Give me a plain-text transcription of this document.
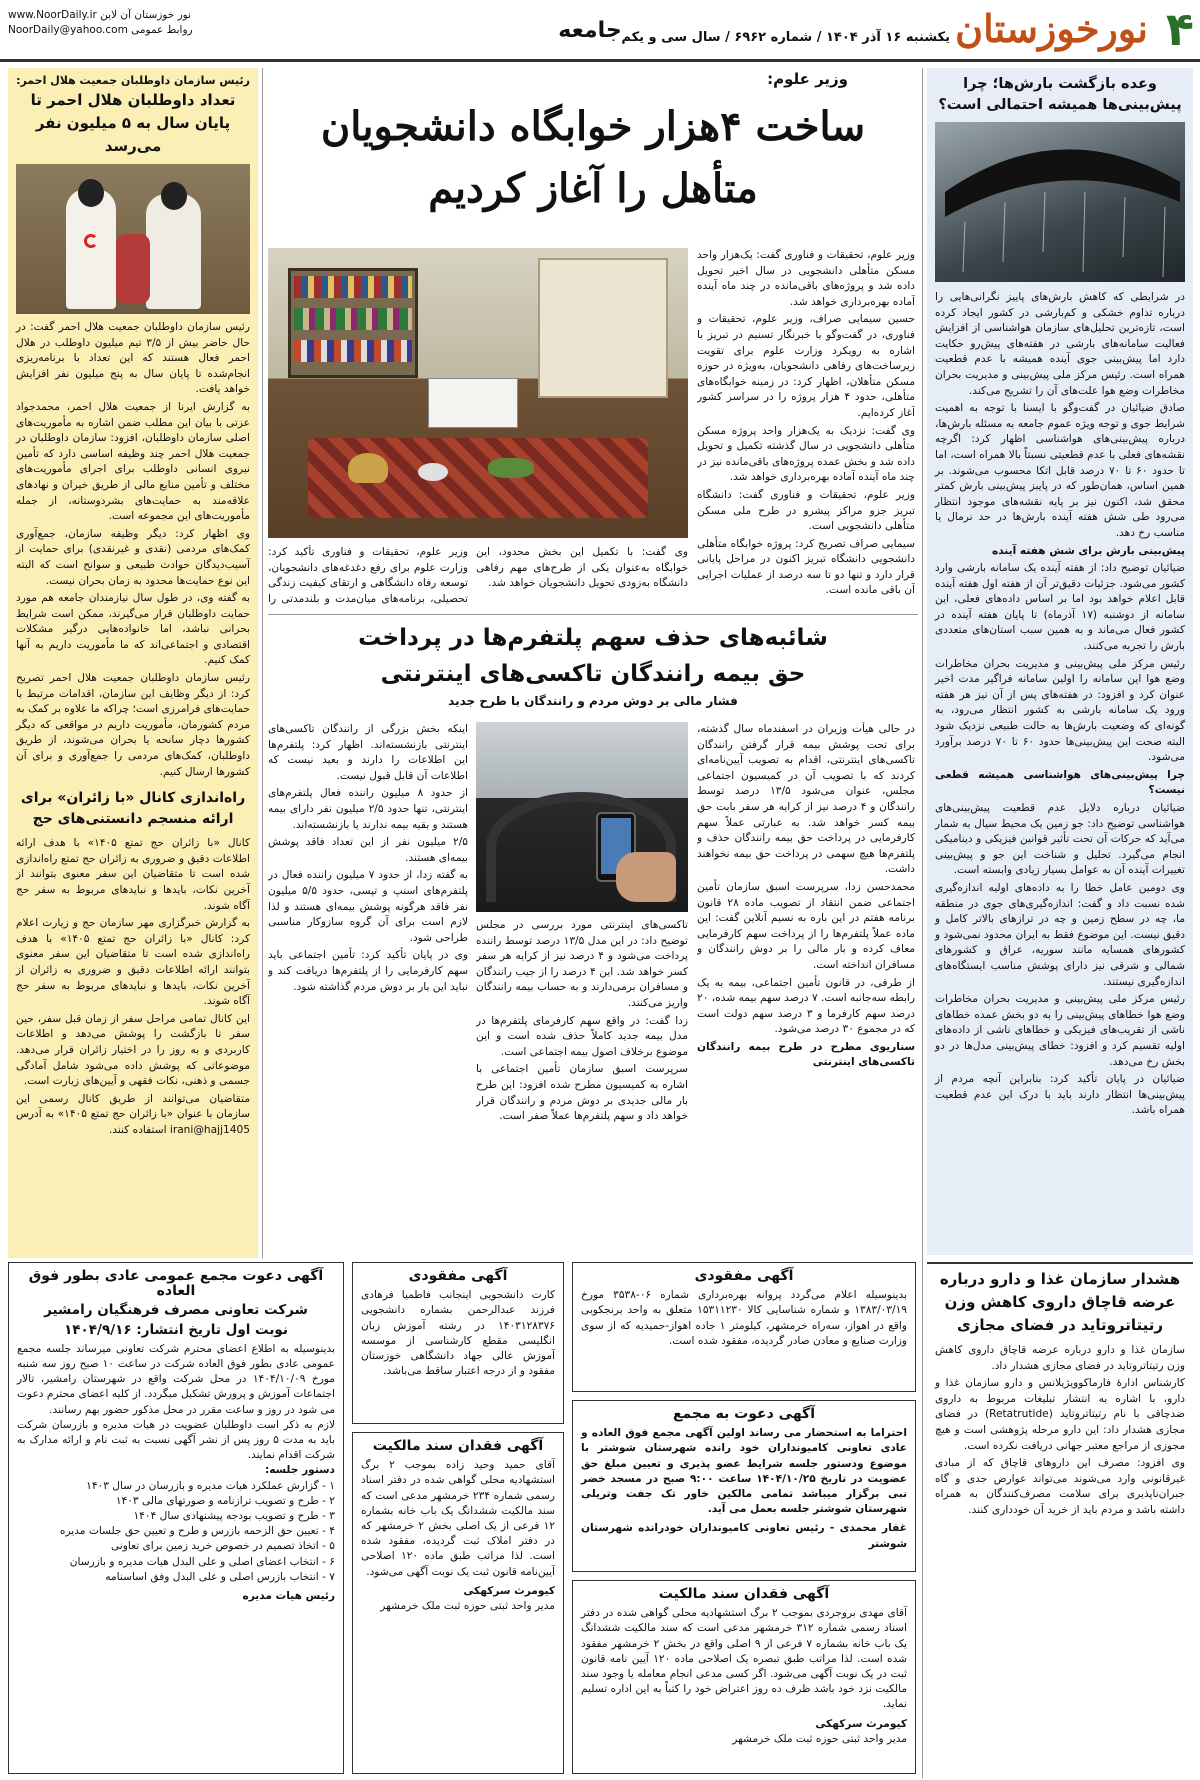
۴
نورخوزستان
یکشنبه ۱۶ آذر ۱۴۰۴ / شماره ۶۹۶۲ / سال سی و یکم
جامعه
www.NoorDaily.ir نور خوزستان آن لاین
NoorDaily@yahoo.com روابط عمومی
وعده بازگشت بارش‌ها؛ چرا پیش‌بینی‌ها همیشه احتمالی است؟

در شرایطی که کاهش بارش‌های پاییز نگرانی‌هایی را درباره تداوم خشکی و کم‌بارشی در کشور ایجاد کرده است، تازه‌ترین تحلیل‌های سازمان هواشناسی از افزایش فعالیت سامانه‌های بارشی در هفته‌های پیش‌رو حکایت دارد اما پیش‌بینی جوی آینده همیشه با عدم قطعیت همراه است. رئیس مرکز ملی پیش‌بینی و مدیریت بحران مخاطرات وضع هوا علت‌های آن را تشریح می‌کند.

صادق ضیائیان در گفت‌وگو با ایسنا با توجه به اهمیت شرایط جوی و توجه ویژه عموم جامعه به مسئله بارش‌ها، درباره پیش‌بینی‌های هواشناسی اظهار کرد: اگرچه نقشه‌های فعلی با عدم قطعیتی نسبتاً بالا همراه است، اما تا حدود ۶۰ تا ۷۰ درصد قابل اتکا محسوب می‌شوند. بر همین اساس، همان‌طور که در پایبز پیش‌بینی بارش کمتر محقق شد، اکنون نیز بر پایه نقشه‌های موجود انتظار می‌رود طی شش هفته آینده بارش‌ها در حد نرمال یا مناسب رخ دهد.

پیش‌بینی بارش برای شش هفته آینده

ضیائیان توضیح داد: از هفته آینده یک سامانه بارشی وارد کشور می‌شود. جزئیات دقیق‌تر آن از هفته اول هفته آینده قابل اعلام خواهد بود اما بر اساس داده‌های فعلی، این سامانه از دوشنبه (۱۷ آذرماه) تا پایان هفته آینده در کشور فعال می‌ماند و به همین سبب استان‌های متعددی بارش را تجربه می‌کنند.

رئیس مرکز ملی پیش‌بینی و مدیریت بحران مخاطرات وضع هوا این سامانه را اولین سامانه فراگیر مدت اخیر عنوان کرد و افزود: در هفته‌های پس از آن نیز هر هفته ورود یک سامانه بارشی به کشور انتظار می‌رود، به گونه‌ای که وضعیت بارش‌ها به حالت طبیعی نزدیک شود البته صحت این پیش‌بینی‌ها حدود ۶۰ تا ۷۰ درصد برآورد می‌شود.

چرا پیش‌بینی‌های هواشناسی همیشه قطعی نیست؟

ضیائیان درباره دلایل عدم قطعیت پیش‌بینی‌های هواشناسی توضیح داد: جو زمین یک محیط سیال به شمار می‌آید که حرکات آن تحت تأثیر قوانین فیزیکی و دینامیکی انجام می‌گیرد. تحلیل و شناخت این جو و پیش‌بینی تغییرات آینده آن به عوامل بسیار زیادی وابسته است.

وی دومین عامل خطا را به داده‌های اولیه اندازه‌گیری شده نسبت داد و گفت: اندازه‌گیری‌های جوی در منطقه ما، چه در سطح زمین و چه در ترازهای بالاتر کامل و دقیق نیست. این موضوع فقط به ایران محدود نمی‌شود و کشورهای همسایه مانند سوریه، عراق و کشورهای شمالی و شرقی نیز دارای پوشش مناسب ایستگاه‌های اندازه‌گیری نیستند.

رئیس مرکز ملی پیش‌بینی و مدیریت بحران مخاطرات وضع هوا خطاهای پیش‌بینی را به دو بخش عمده خطاهای ناشی از تقریب‌های فیزیکی و خطاهای ناشی از داده‌های اولیه تقسیم کرد و افزود: خطای پیش‌بینی مدل‌ها در دو بخش رخ می‌دهد.

ضیائیان در پایان تأکید کرد: بنابراین آنچه مردم از پیش‌بینی‌ها انتظار دارند باید با درک این عدم قطعیت همراه باشد.

هشدار سازمان غذا و دارو درباره عرضه قاچاق داروی کاهش وزن رتیتاتروتاید در فضای مجازی

سازمان غذا و دارو درباره عرضه قاچاق داروی کاهش وزن رتیتاتروتاید در فضای مجازی هشدار داد.

کارشناس ادارهٔ فارماکوویژیلانس و دارو سازمان غذا و دارو، با اشاره به انتشار تبلیغات مربوط به داروی ضدچاقی با نام رتیتاتروتاید (Retatrutide) در فضای مجازی هشدار داد: این دارو مرحله پژوهشی است و هیچ مجوزی از مراجع معتبر جهانی دریافت نکرده است.

وی افزود: مصرف این داروهای قاچاق که از مبادی غیرقانونی وارد می‌شوند می‌تواند عوارض جدی و گاه جبران‌ناپذیری برای سلامت مصرف‌کنندگان به همراه داشته باشد و مردم باید از خرید آن خودداری کنند.

رئیس سازمان داوطلبان جمعیت هلال احمر:
تعداد داوطلبان هلال احمر تا پایان سال به ۵ میلیون نفر می‌رسد

رئیس سازمان داوطلبان جمعیت هلال احمر گفت: در حال حاضر بیش از ۳/۵ تیم میلیون داوطلب در هلال احمر فعال هستند که این تعداد با برنامه‌ریزی انجام‌شده تا پایان سال به پنج میلیون نفر افزایش خواهد یافت.

به گزارش ایرنا از جمعیت هلال احمر، محمدجواد عزتی با بیان این مطلب ضمن اشاره به مأموریت‌های اصلی سازمان داوطلبان، افزود: سازمان داوطلبان در جمعیت هلال احمر چند وظیفه اساسی دارد که تأمین نیروی انسانی داوطلب برای اجرای مأموریت‌های مختلف و تأمین منابع مالی از طریق خیران و نهادهای علاقه‌مند به حمایت‌های بشردوستانه، از جمله مأموریت‌های این مجموعه است.

وی اظهار کرد: دیگر وظیفه سازمان، جمع‌آوری کمک‌های مردمی (نقدی و غیرنقدی) برای حمایت از آسیب‌دیدگان حوادث طبیعی و سوانح است که البته این نوع حمایت‌ها محدود به زمان بحران نیست.

به گفته وی، در طول سال نیازمندان جامعه هم مورد حمایت داوطلبان قرار می‌گیرند، ممکن است شرایط بحرانی نباشد، اما خانواده‌هایی درگیر مشکلات اقتصادی و اجتماعی‌اند که ما مأموریت داریم به آنها کمک کنیم.

رئیس سازمان داوطلبان جمعیت هلال احمر تصریح کرد: از دیگر وظایف این سازمان، اقدامات مرتبط با حمایت‌های فرامرزی است؛ چراکه ما علاوه بر کمک به مردم کشورمان، مأموریت داریم در مواقعی که دیگر کشورها دچار سانحه یا بحران می‌شوند، از طریق داوطلبان، کمک‌های مردمی را جمع‌آوری و برای آن کشورها ارسال کنیم.

راه‌اندازی کانال «با زائران» برای ارائه منسجم دانستنی‌های حج

کانال «با زائران حج تمتع ۱۴۰۵» با هدف ارائه اطلاعات دقیق و ضروری به زائران حج تمتع راه‌اندازی شده است تا متقاضیان این سفر معنوی بتوانند از آخرین نکات، بایدها و نبایدهای مربوط به سفر حج آگاه شوند.

به گزارش خبرگزاری مهر سازمان حج و زیارت اعلام کرد: کانال «با زائران حج تمتع ۱۴۰۵» با هدف راه‌اندازی شده است تا متقاضیان این سفر معنوی بتوانند ارائه اطلاعات دقیق و ضروری به زائران از آخرین نکات، بایدها و نبایدهای مربوط به سفر حج آگاه شوند.

این کانال تمامی مراحل سفر از زمان قبل سفر، حین سفر تا بازگشت را پوشش می‌دهد و اطلاعات کاربردی و به روز را در اختیار زائران قرار می‌دهد. موضوعاتی که پوشش داده می‌شود شامل آمادگی جسمی و ذهنی، نکات فقهی و آیین‌های زیارت است.

متقاضیان می‌توانند از طریق کانال رسمی این سازمان با عنوان «با زائران حج تمتع ۱۴۰۵» به آدرس irani@hajj1405 استفاده کنند.

وزیر علوم:
ساخت ۴هزار خوابگاه دانشجویان متأهل را آغاز کردیم

وزیر علوم، تحقیقات و فناوری گفت: یک‌هزار واحد مسکن متأهلی دانشجویی در سال اخیر تحویل داده شد و پروژه‌های باقی‌مانده در چند ماه آینده آماده بهره‌برداری خواهد شد.

حسین سیمایی صراف، وزیر علوم، تحقیقات و فناوری، در گفت‌وگو با خبرنگار تسنیم در تبریز با اشاره به رویکرد وزارت علوم برای تقویت زیرساخت‌های رفاهی دانشجویان، به‌ویژه در حوزه مسکن متأهلان، اظهار کرد: در زمینه خوابگاه‌های متأهلی، حدود ۴ هزار پروژه را در سراسر کشور آغاز کرده‌ایم.

وی گفت: نزدیک به یک‌هزار واحد پروژه مسکن متأهلی دانشجویی در سال گذشته تکمیل و تحویل داده شد و بخش عمده پروژه‌های باقی‌مانده نیز در چند ماه آینده آماده بهره‌برداری خواهد شد.

وزیر علوم، تحقیقات و فناوری گفت: دانشگاه تبریز جزو مراکز پیشرو در طرح ملی مسکن متأهلی دانشجویی است.

سیمایی صراف تصریح کرد: پروژه خوابگاه متأهلی دانشجویی دانشگاه تبریز اکنون در مراحل پایانی قرار دارد و تنها دو تا سه درصد از عملیات اجرایی آن باقی مانده است.

وی گفت: با تکمیل این بخش محدود، این خوابگاه به‌عنوان یکی از طرح‌های مهم رفاهی دانشگاه به‌زودی تحویل دانشجویان خواهد شد.

وزیر علوم، تحقیقات و فناوری تأکید کرد: وزارت علوم برای رفع دغدغه‌های دانشجویان، توسعه رفاه دانشگاهی و ارتقای کیفیت زندگی تحصیلی، برنامه‌های میان‌مدت و بلندمدتی را

شائبه‌های حذف سهم پلتفرم‌ها در پرداخت حق بیمه رانندگان تاکسی‌های اینترنتی
فشار مالی بر دوش مردم و رانندگان با طرح جدید

در حالی هیأت وزیران در اسفندماه سال گذشته، برای تحت پوشش بیمه قرار گرفتن رانندگان تاکسی‌های اینترنتی، اقدام به تصویب آیین‌نامه‌ای کردند که با تصویب آن در کمیسیون اجتماعی مجلس، عنوان می‌شود ۱۳/۵ درصد توسط رانندگان و ۴ درصد نیز از کرایه هر سفر بابت حق بیمه کسر خواهد شد. به عبارتی عملاً سهم کارفرمایی در پرداخت حق بیمه رانندگان حذف و پلتفرم‌ها هیچ سهمی در پرداخت حق بیمه نخواهند داشت.

محمدحسن زدا، سرپرست اسبق سازمان تأمین اجتماعی ضمن انتقاد از تصویب ماده ۲۸ قانون برنامه هفتم در این باره به نسیم آنلاین گفت: این ماده عملاً پلتفرم‌ها را از پرداخت سهم کارفرمایی معاف کرده و بار مالی را بر دوش رانندگان و مسافران انداخته است.

از طرفی، در قانون تأمین اجتماعی، بیمه به یک رابطه سه‌جانبه است. ۷ درصد سهم بیمه شده، ۲۰ درصد سهم کارفرما و ۳ درصد سهم دولت است که در مجموع ۳۰ درصد می‌شود.

سناریوی مطرح در طرح بیمه رانندگان تاکسی‌های اینترنتی

تاکسی‌های اینترنتی مورد بررسی در مجلس توضیح داد: در این مدل ۱۳/۵ درصد توسط راننده پرداخت می‌شود و ۴ درصد نیز از کرایه هر سفر کسر خواهد شد. این ۴ درصد را از جیب رانندگان و مسافران برمی‌دارند و به حساب بیمه رانندگان واریز می‌کنند.

زدا گفت: در واقع سهم کارفرمای پلتفرم‌ها در مدل بیمه جدید کاملاً حذف شده است و این موضوع برخلاف اصول بیمه اجتماعی است.

سرپرست اسبق سازمان تأمین اجتماعی با اشاره به کمیسیون مطرح شده افزود: این طرح بار مالی جدیدی بر دوش مردم و رانندگان قرار خواهد داد و سهم پلتفرم‌ها عملاً صفر است.

اینکه بخش بزرگی از رانندگان تاکسی‌های اینترنتی بازنشسته‌اند. اظهار کرد: پلتفرم‌ها این اطلاعات را دارند و بعید نیست که اطلاعات آن قابل قبول نیست.

از حدود ۸ میلیون راننده فعال پلتفرم‌های اینترنتی، تنها حدود ۲/۵ میلیون نفر دارای بیمه هستند و بقیه بیمه ندارند یا بازنشسته‌اند.

۲/۵ میلیون نفر از این تعداد فاقد پوشش بیمه‌ای هستند.

به گفته زدا، از حدود ۷ میلیون راننده فعال در پلتفرم‌های اسنپ و تپسی، حدود ۵/۵ میلیون نفر فاقد هرگونه پوشش بیمه‌ای هستند و لذا لازم است برای آن گروه سازوکار مناسبی طراحی شود.

وی در پایان تأکید کرد: تأمین اجتماعی باید سهم کارفرمایی را از پلتفرم‌ها دریافت کند و نباید این بار بر دوش مردم گذاشته شود.

آگهی دعوت مجمع عمومی عادی بطور فوق العاده
شرکت تعاونی مصرف فرهنگیان رامشیر
نوبت اول تاریخ انتشار: ۱۴۰۴/۹/۱۶

بدینوسیله به اطلاع اعضای محترم شرکت تعاونی میرساند جلسه مجمع عمومی عادی بطور فوق العاده شرکت در ساعت ۱۰ صبح روز سه شنبه مورخ ۱۴۰۴/۱۰/۰۹ در محل شرکت واقع در شهرستان رامشیر، تالار اجتماعات آموزش و پرورش تشکیل میگردد. از کلیه اعضای محترم دعوت می شود در روز و ساعت مقرر در محل مذکور حضور بهم رسانند.

لازم به ذکر است داوطلبان عضویت در هیات مدیره و بازرسان شرکت باید به مدت ۵ روز پس از نشر آگهی نسبت به ثبت نام و ارائه مدارک به شرکت اقدام نمایند.

دستور جلسه:
۱ - گزارش عملکرد هیات مدیره و بازرسان در سال ۱۴۰۳
۲ - طرح و تصویب ترازنامه و صورتهای مالی ۱۴۰۳
۳ - طرح و تصویب بودجه پیشنهادی سال ۱۴۰۴
۴ - تعیین حق الزحمه بازرس و طرح و تعیین حق جلسات مدیره
۵ - اتخاذ تصمیم در خصوص خرید زمین برای تعاونی
۶ - انتخاب اعضای اصلی و علی البدل هیات مدیره و بازرسان
۷ - انتخاب بازرس اصلی و علی البدل وفق اساسنامه
رئیس هیات مدیره
آگهی مفقودی

کارت دانشجویی اینجانب فاطمیا فرهادی فرزند عبدالرحمن بشماره دانشجویی ۱۴۰۳۱۲۸۳۷۶ در رشته آموزش زبان انگلیسی مقطع کارشناسی از موسسه آموزش عالی جهاد دانشگاهی خوزستان مفقود و از درجه اعتبار ساقط می‌باشد.

آگهی مفقودی

بدینوسیله اعلام می‌گردد پروانه بهره‌برداری شماره ۰۶-۳۵۳۸ مورخ ۱۳۸۳/۰۳/۱۹ و شماره شناسایی کالا ۱۵۳۱۱۲۳۰ متعلق به واحد برنجکوبی واقع در اهواز، سه‌راه خرمشهر، کیلومتر ۱ جاده اهواز-حمیدیه که از سوی وزارت صنایع و معادن صادر گردیده، مفقود شده است.

آگهی فقدان سند مالکیت

آقای حمید وحید زاده بموجب ۲ برگ استشهادیه محلی گواهی شده در دفتر اسناد رسمی شماره ۲۳۴ خرمشهر مدعی است که سند مالکیت ششدانگ یک باب خانه بشماره ۱۲ فرعی از یک اصلی بخش ۲ خرمشهر که در دفتر املاک ثبت گردیده، مفقود شده است. لذا مراتب طبق ماده ۱۲۰ اصلاحی آیین‌نامه قانون ثبت یک نوبت آگهی می‌شود.

کیومرث سرکهکی
مدیر واحد ثبتی حوزه ثبت ملک خرمشهر
آگهی دعوت به مجمع

احتراما به استحضار می رساند اولین آگهی مجمع فوق العاده و عادی تعاونی کامیونداران خود رانده شهرستان شوشتر با موضوع ودستور جلسه شرایط عضو پذیری و تعیین مبلغ حق عضویت در تاریخ ۱۴۰۴/۱۰/۲۵ ساعت ۹:۰۰ صبح در مسجد خضر نبی برگزار میباشد تمامی مالکین خاور تک جفت وتریلی شهرستان شوشتر جلسه بعمل می آید.

غفار محمدی - رئیس تعاونی کامیونداران خودرانده شهرستان شوشتر
آگهی فقدان سند مالکیت

آقای مهدی بروجردی بموجب ۲ برگ استشهادیه محلی گواهی شده در دفتر اسناد رسمی شماره ۳۱۲ خرمشهر مدعی است که سند مالکیت ششدانگ یک باب خانه بشماره ۷ فرعی از ۹ اصلی واقع در بخش ۲ خرمشهر مفقود شده است. لذا مراتب طبق تبصره یک اصلاحی ماده ۱۲۰ آیین نامه قانون ثبت در یک نوبت آگهی می‌شود. اگر کسی مدعی انجام معامله یا وجود سند مالکیت نزد خود باشد ظرف ده روز اعتراض خود را کتباً به این اداره تسلیم نماید.

کیومرث سرکهکی
مدیر واحد ثبتی حوزه ثبت ملک خرمشهر
